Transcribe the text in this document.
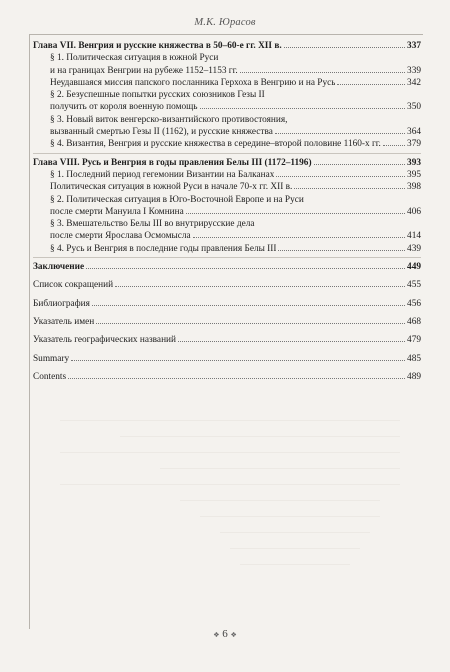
М.К. Юрасов
Глава VII. Венгрия и русские княжества в 50–60-е гг. XII в.	337
§ 1. Политическая ситуация в южной Руси
и на границах Венгрии на рубеже 1152–1153 гг.	339
Неудавшаяся миссия папского посланника Герхоха в Венгрию и на Русь	342
§ 2. Безуспешные попытки русских союзников Гезы II
получить от короля военную помощь	350
§ 3. Новый виток венгерско-византийского противостояния,
вызванный смертью Гезы II (1162), и русские княжества	364
§ 4. Византия, Венгрия и русские княжества в середине–второй половине 1160-х гг.	379
Глава VIII. Русь и Венгрия в годы правления Белы III (1172–1196)	393
§ 1. Последний период гегемонии Византии на Балканах	395
Политическая ситуация в южной Руси в начале 70-х гг. XII в.	398
§ 2. Политическая ситуация в Юго-Восточной Европе и на Руси
после смерти Мануила I Комнина	406
§ 3. Вмешательство Белы III во внутрирусские дела
после смерти Ярослава Осмомысла	414
§ 4. Русь и Венгрия в последние годы правления Белы III	439
Заключение	449
Список сокращений	455
Библиография	456
Указатель имен	468
Указатель географических названий	479
Summary	485
Contents	489
❖ 6 ❖
